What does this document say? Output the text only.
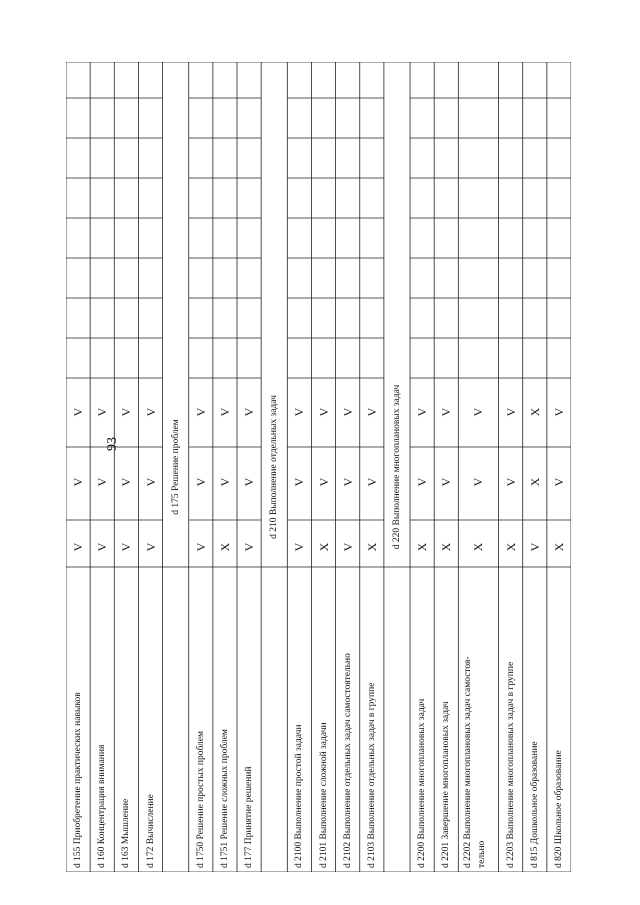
93
d 155 Приобретение практических навыков
V
V
V
d 160 Концентрация внимания
V
V
V
d 163 Мышление
V
V
V
d 172 Вычисление
V
V
V
d 175 Решение проблем
d 1750 Решение простых проблем
V
V
V
d 1751 Решение сложных проблем
X
V
V
d 177 Принятие решений
V
V
V d 210 Выполнение отдельных задач
d 2100 Выполнение простой задачи
V
V
V
d 2101 Выполнение сложной задачи
X
V
V
d 2102 Выполнение отдельных задач самостоятельно
V
V
V
d 2103 Выполнение отдельных задач в группе
X
V
V d 220 Выполнение многоплановых задач
d 2200 Выполнение многоплановых задач
X
V
V
d 2201 Завершение многоплановых задач
X
V
V
d 2202 Выполнение многоплановых задач самостоя- тельно
X
V
V
d 2203 Выполнение многоплановых задач в группе
X
V
V
d 815 Дошкольное образование
V
X
X
d 820 Школьное образование
X
V
V
